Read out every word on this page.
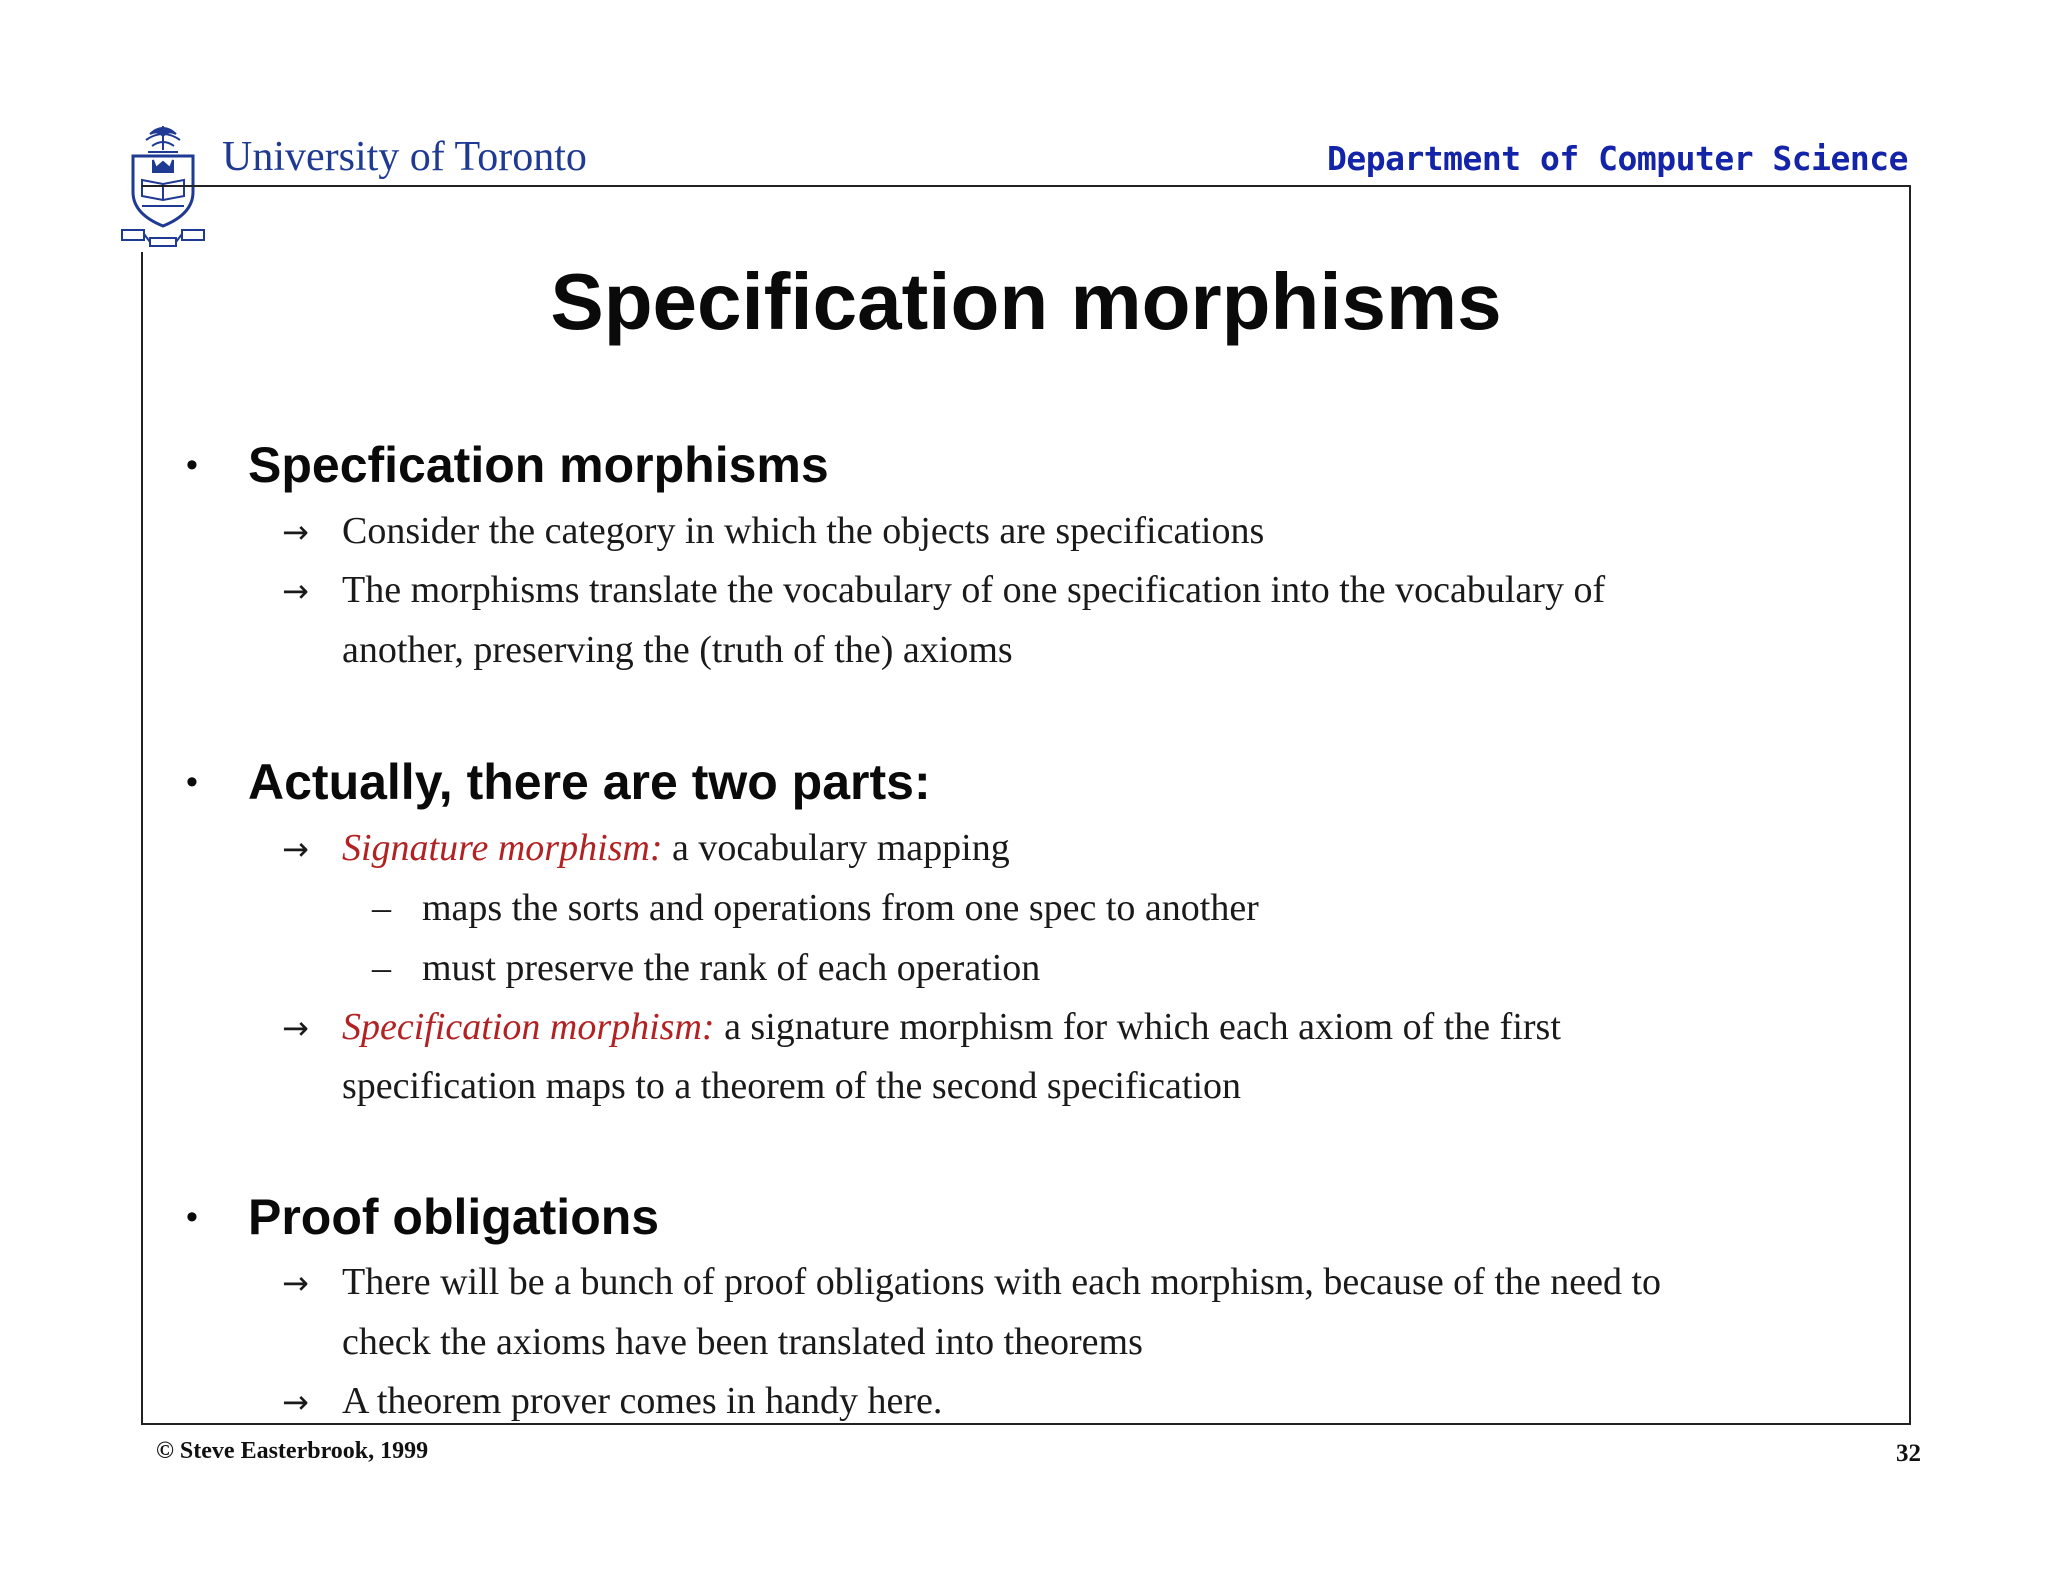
University of Toronto	Department of Computer Science
Specification morphisms
• Specfication morphisms
→ Consider the category in which the objects are specifications
→ The morphisms translate the vocabulary of one specification into the vocabulary of
another, preserving the (truth of the) axioms
• Actually, there are two parts:
→ Signature morphism: a vocabulary mapping
– maps the sorts and operations from one spec to another
– must preserve the rank of each operation
→ Specification morphism: a signature morphism for which each axiom of the first
specification maps to a theorem of the second specification
• Proof obligations
→ There will be a bunch of proof obligations with each morphism, because of the need to
check the axioms have been translated into theorems
→ A theorem prover comes in handy here.
© Steve Easterbrook, 1999	32
